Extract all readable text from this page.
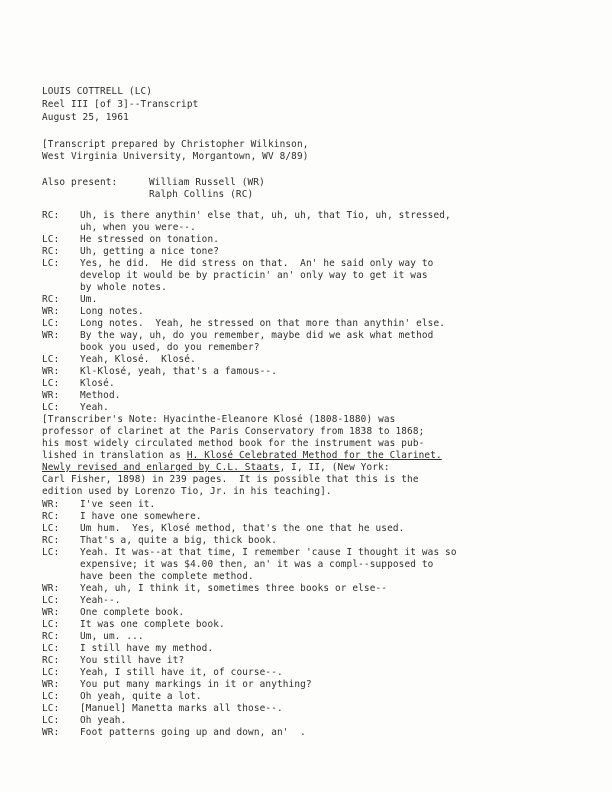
LOUIS COTTRELL (LC)
Reel III [of 3]--Transcript
August 25, 1961
[Transcript prepared by Christopher Wilkinson,
West Virginia University, Morgantown, WV 8/89)
Also present:	William Russell (WR)
Ralph Collins (RC)
RC: Uh, is there anythin' else that, uh, uh, that Tio, uh, stressed,
uh, when you were--.
LC: He stressed on tonation.
RC: Uh, getting a nice tone?
LC: Yes, he did.  He did stress on that.  An' he said only way to
develop it would be by practicin' an' only way to get it was
by whole notes.
RC: Um.
WR: Long notes.
LC: Long notes.  Yeah, he stressed on that more than anythin' else.
WR: By the way, uh, do you remember, maybe did we ask what method
book you used, do you remember?
LC: Yeah, Klosé.  Klosé.
WR: Kl-Klosé, yeah, that's a famous--.
LC: Klosé.
WR: Method.
LC: Yeah.
[Transcriber's Note: Hyacinthe-Eleanore Klosé (1808-1880) was
professor of clarinet at the Paris Conservatory from 1838 to 1868;
his most widely circulated method book for the instrument was pub-
lished in translation as H. Klosé Celebrated Method for the Clarinet.
Newly revised and enlarged by C.L. Staats, I, II, (New York:
Carl Fisher, 1898) in 239 pages.  It is possible that this is the
edition used by Lorenzo Tio, Jr. in his teaching].
WR: I've seen it.
RC: I have one somewhere.
LC: Um hum.  Yes, Klosé method, that's the one that he used.
RC: That's a, quite a big, thick book.
LC: Yeah. It was--at that time, I remember 'cause I thought it was so
expensive; it was $4.00 then, an' it was a compl--supposed to
have been the complete method.
WR: Yeah, uh, I think it, sometimes three books or else--
LC: Yeah--.
WR: One complete book.
LC: It was one complete book.
RC: Um, um. ...
LC: I still have my method.
RC: You still have it?
LC: Yeah, I still have it, of course--.
WR: You put many markings in it or anything?
LC: Oh yeah, quite a lot.
LC: [Manuel] Manetta marks all those--.
LC: Oh yeah.
WR: Foot patterns going up and down, an'  .
